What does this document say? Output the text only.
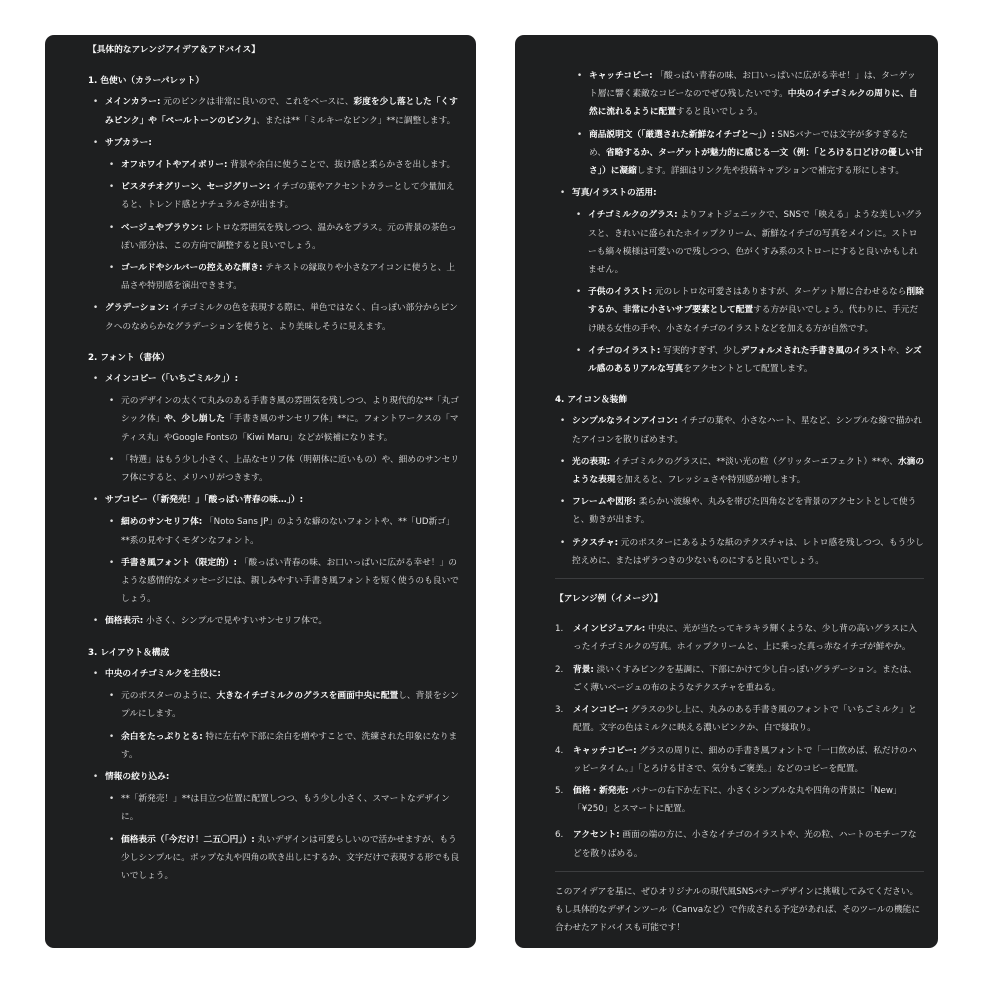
【具体的なアレンジアイデア＆アドバイス】
1. 色使い（カラーパレット）
• メインカラー: 元のピンクは非常に良いので、これをベースに、彩度を少し落とした「くすみピンク」や「ペールトーンのピンク」、または**「ミルキーなピンク」**に調整します。
• サブカラー:
• オフホワイトやアイボリー: 背景や余白に使うことで、抜け感と柔らかさを出します。
• ピスタチオグリーン、セージグリーン: イチゴの葉やアクセントカラーとして少量加えると、トレンド感とナチュラルさが出ます。
• ベージュやブラウン: レトロな雰囲気を残しつつ、温かみをプラス。元の背景の茶色っぽい部分は、この方向で調整すると良いでしょう。
• ゴールドやシルバーの控えめな輝き: テキストの縁取りや小さなアイコンに使うと、上品さや特別感を演出できます。
• グラデーション: イチゴミルクの色を表現する際に、単色ではなく、白っぽい部分からピンクへのなめらかなグラデーションを使うと、より美味しそうに見えます。
2. フォント（書体）
• メインコピー（「いちごミルク」）:
• 元のデザインの太くて丸みのある手書き風の雰囲気を残しつつ、より現代的な**「丸ゴシック体」や、少し崩した「手書き風のサンセリフ体」**に。フォントワークスの「マティス丸」やGoogle Fontsの「Kiwi Maru」などが候補になります。
• 「特選」はもう少し小さく、上品なセリフ体（明朝体に近いもの）や、細めのサンセリフ体にすると、メリハリがつきます。
• サブコピー（「新発売！」「酸っぱい青春の味…」）:
• 細めのサンセリフ体: 「Noto Sans JP」のような癖のないフォントや、**「UD新ゴ」**系の見やすくモダンなフォント。
• 手書き風フォント（限定的）: 「酸っぱい青春の味、お口いっぱいに広がる幸せ！」のような感情的なメッセージには、親しみやすい手書き風フォントを短く使うのも良いでしょう。
• 価格表示: 小さく、シンプルで見やすいサンセリフ体で。
3. レイアウト＆構成
• 中央のイチゴミルクを主役に:
• 元のポスターのように、大きなイチゴミルクのグラスを画面中央に配置し、背景をシンプルにします。
• 余白をたっぷりとる: 特に左右や下部に余白を増やすことで、洗練された印象になります。
• 情報の絞り込み:
• **「新発売！」**は目立つ位置に配置しつつ、もう少し小さく、スマートなデザインに。
• 価格表示（「今だけ！二五〇円」）: 丸いデザインは可愛らしいので活かせますが、もう少しシンプルに。ポップな丸や四角の吹き出しにするか、文字だけで表現する形でも良いでしょう。
• キャッチコピー: 「酸っぱい青春の味、お口いっぱいに広がる幸せ！」は、ターゲット層に響く素敵なコピーなのでぜひ残したいです。中央のイチゴミルクの周りに、自然に流れるように配置すると良いでしょう。
• 商品説明文（「厳選された新鮮なイチゴと〜」）: SNSバナーでは文字が多すぎるため、省略するか、ターゲットが魅力的に感じる一文（例：「とろける口どけの優しい甘さ」）に凝縮します。詳細はリンク先や投稿キャプションで補完する形にします。
• 写真/イラストの活用:
• イチゴミルクのグラス: よりフォトジェニックで、SNSで「映える」ような美しいグラスと、きれいに盛られたホイップクリーム、新鮮なイチゴの写真をメインに。ストローも縞々模様は可愛いので残しつつ、色がくすみ系のストローにすると良いかもしれません。
• 子供のイラスト: 元のレトロな可愛さはありますが、ターゲット層に合わせるなら削除するか、非常に小さいサブ要素として配置する方が良いでしょう。代わりに、手元だけ映る女性の手や、小さなイチゴのイラストなどを加える方が自然です。
• イチゴのイラスト: 写実的すぎず、少しデフォルメされた手書き風のイラストや、シズル感のあるリアルな写真をアクセントとして配置します。
4. アイコン＆装飾
• シンプルなラインアイコン: イチゴの葉や、小さなハート、星など、シンプルな線で描かれたアイコンを散りばめます。
• 光の表現: イチゴミルクのグラスに、**淡い光の粒（グリッターエフェクト）**や、水滴のような表現を加えると、フレッシュさや特別感が増します。
• フレームや図形: 柔らかい波線や、丸みを帯びた四角などを背景のアクセントとして使うと、動きが出ます。
• テクスチャ: 元のポスターにあるような紙のテクスチャは、レトロ感を残しつつ、もう少し控えめに、またはザラつきの少ないものにすると良いでしょう。
【アレンジ例（イメージ）】
1. メインビジュアル: 中央に、光が当たってキラキラ輝くような、少し背の高いグラスに入ったイチゴミルクの写真。ホイップクリームと、上に乗った真っ赤なイチゴが鮮やか。
2. 背景: 淡いくすみピンクを基調に、下部にかけて少し白っぽいグラデーション。または、ごく薄いベージュの布のようなテクスチャを重ねる。
3. メインコピー: グラスの少し上に、丸みのある手書き風のフォントで「いちごミルク」と配置。文字の色はミルクに映える濃いピンクか、白で縁取り。
4. キャッチコピー: グラスの周りに、細めの手書き風フォントで「一口飲めば、私だけのハッピータイム。」「とろける甘さで、気分もご褒美。」などのコピーを配置。
5. 価格・新発売: バナーの右下か左下に、小さくシンプルな丸や四角の背景に「New」「¥250」とスマートに配置。
6. アクセント: 画面の端の方に、小さなイチゴのイラストや、光の粒、ハートのモチーフなどを散りばめる。

このアイデアを基に、ぜひオリジナルの現代風SNSバナーデザインに挑戦してみてください。もし具体的なデザインツール（Canvaなど）で作成される予定があれば、そのツールの機能に合わせたアドバイスも可能です！
